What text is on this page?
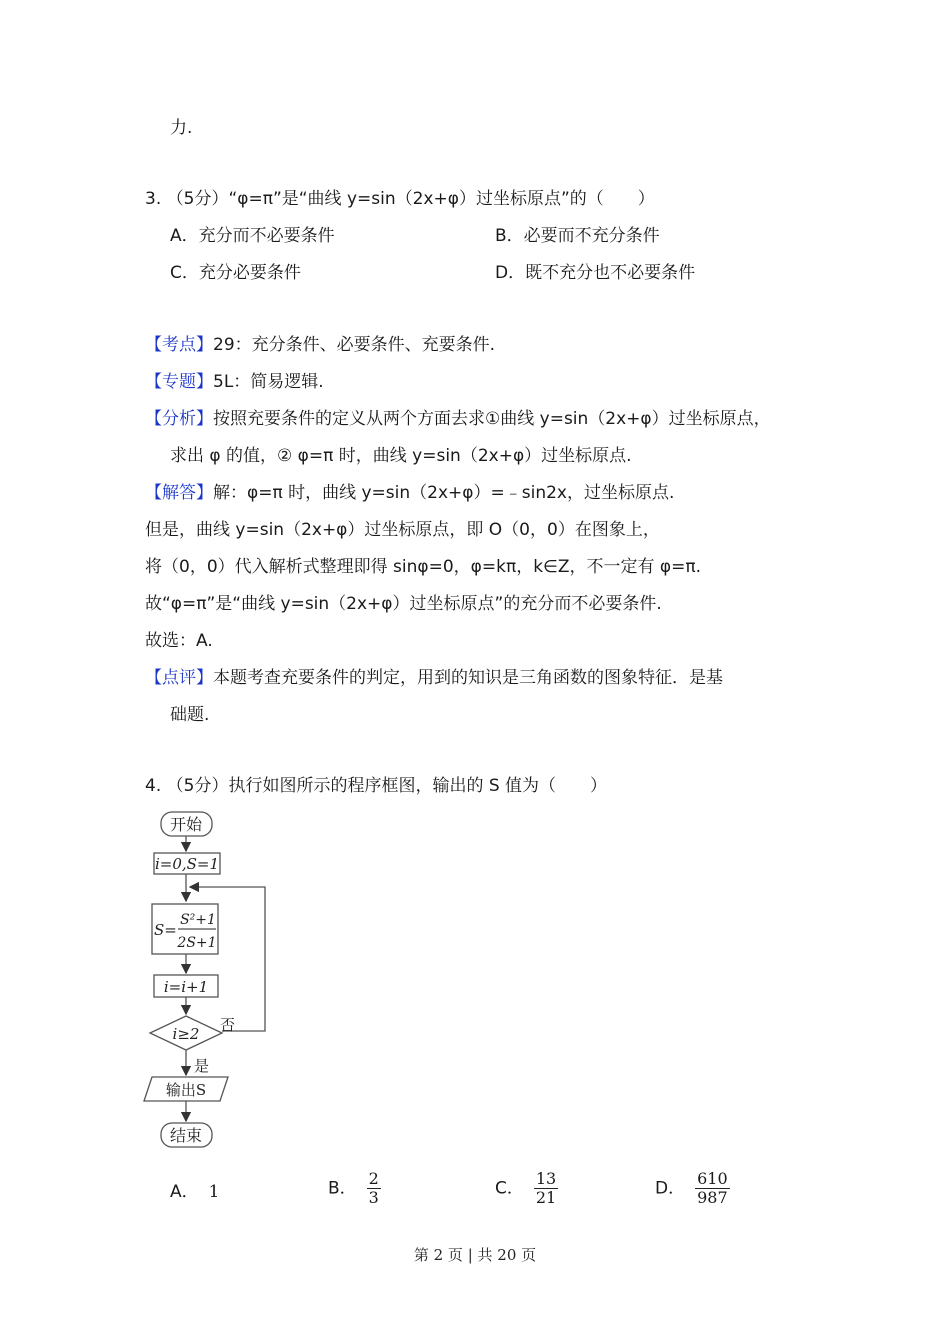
力.
3. （5分）“φ=π”是“曲线 y=sin（2x+φ）过坐标原点”的（　　）
A．充分而不必要条件	B．必要而不充分条件
C．充分必要条件	D．既不充分也不必要条件
【考点】29：充分条件、必要条件、充要条件.
【专题】5L：简易逻辑.
【分析】按照充要条件的定义从两个方面去求①曲线 y=sin（2x+φ）过坐标原点，
求出 φ 的值，② φ=π 时，曲线 y=sin（2x+φ）过坐标原点.
【解答】解：φ=π 时，曲线 y=sin（2x+φ）=﹣sin2x，过坐标原点.
但是，曲线 y=sin（2x+φ）过坐标原点，即 O（0，0）在图象上，
将（0，0）代入解析式整理即得 sinφ=0，φ=kπ，k∈Z，不一定有 φ=π.
故“φ=π”是“曲线 y=sin（2x+φ）过坐标原点”的充分而不必要条件.
故选：A.
【点评】本题考查充要条件的判定，用到的知识是三角函数的图象特征．是基
础题.
4. （5分）执行如图所示的程序框图，输出的 S 值为（　　）
开始
i=0,S=1
S=
S²+1
2S+1
i=i+1
i≥2 否
是
输出S
结束
A． 1	B． $\frac{2}{3}$	C． $\frac{13}{21}$	D． $\frac{610}{987}$
第 2 页 | 共 20 页
